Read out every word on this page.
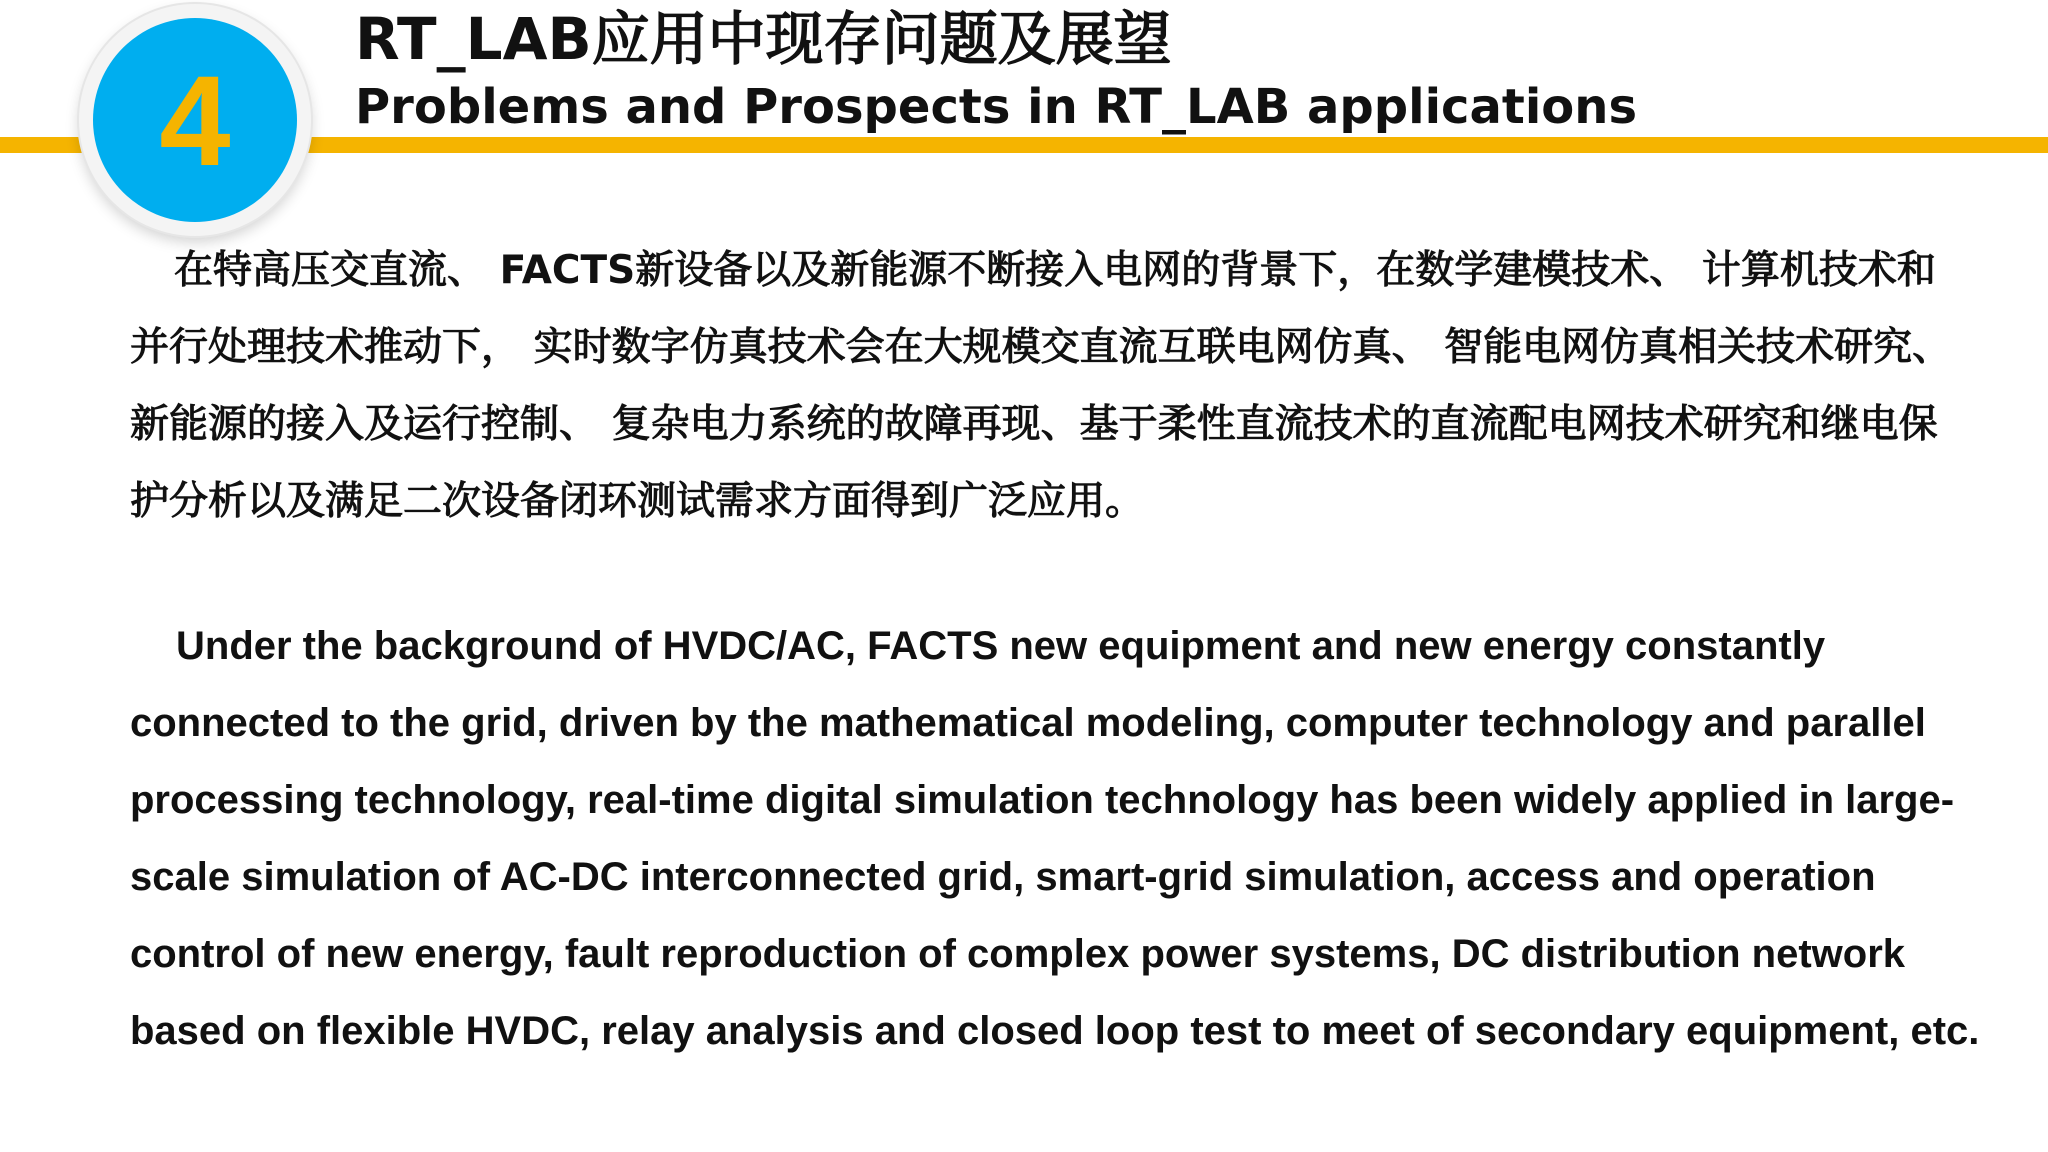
4
RT_LAB应用中现存问题及展望
Problems and Prospects in RT_LAB applications

在特高压交直流、 FACTS新设备以及新能源不断接入电网的背景下，在数学建模技术、 计算机技术和并行处理技术推动下， 实时数字仿真技术会在大规模交直流互联电网仿真、 智能电网仿真相关技术研究、 新能源的接入及运行控制、 复杂电力系统的故障再现、基于柔性直流技术的直流配电网技术研究和继电保护分析以及满足二次设备闭环测试需求方面得到广泛应用。

Under the background of HVDC/AC, FACTS new equipment and new energy constantly connected to the grid, driven by the mathematical modeling, computer technology and parallel processing technology, real-time digital simulation technology has been widely applied in large-scale simulation of AC-DC interconnected grid, smart-grid simulation, access and operation control of new energy, fault reproduction of complex power systems, DC distribution network based on flexible HVDC, relay analysis and closed loop test to meet of secondary equipment, etc.
